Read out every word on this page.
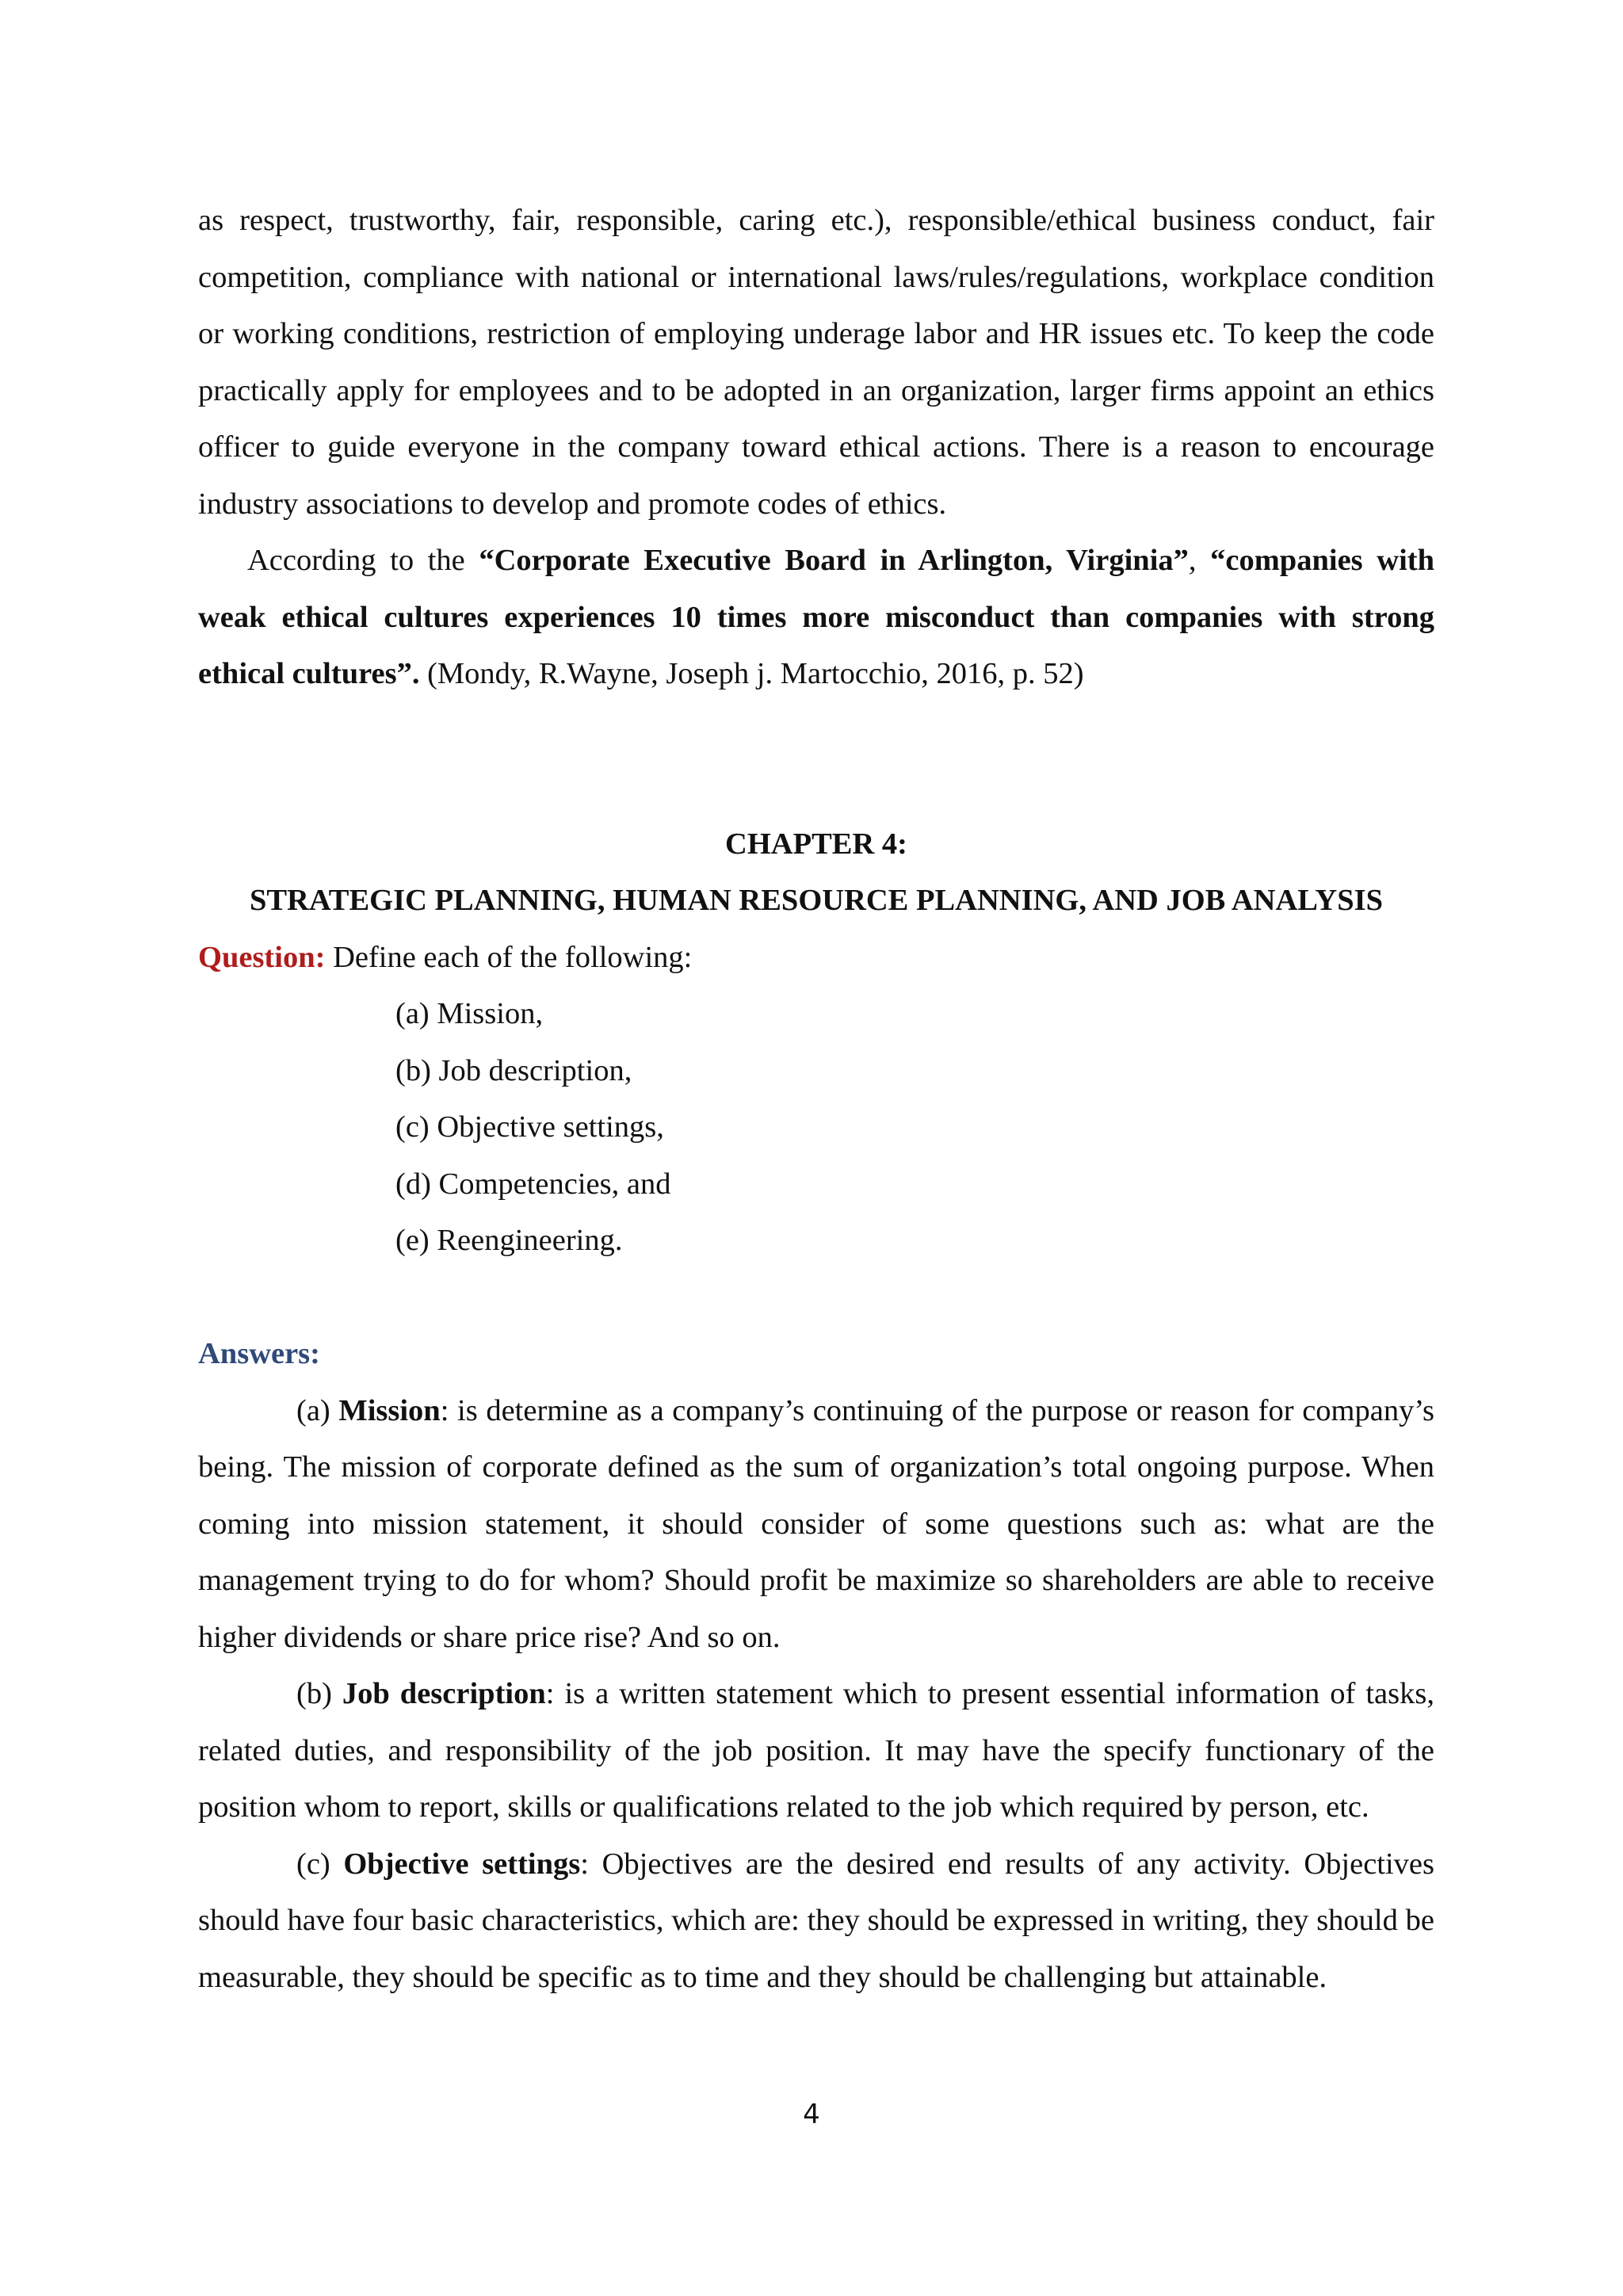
as respect, trustworthy, fair, responsible, caring etc.), responsible/ethical business conduct, fair competition, compliance with national or international laws/rules/regulations, workplace condition or working conditions, restriction of employing underage labor and HR issues etc. To keep the code practically apply for employees and to be adopted in an organization, larger firms appoint an ethics officer to guide everyone in the company toward ethical actions. There is a reason to encourage industry associations to develop and promote codes of ethics.

According to the “Corporate Executive Board in Arlington, Virginia”, “companies with weak ethical cultures experiences 10 times more misconduct than companies with strong ethical cultures”. (Mondy, R.Wayne, Joseph j. Martocchio, 2016, p. 52)

CHAPTER 4:

STRATEGIC PLANNING, HUMAN RESOURCE PLANNING, AND JOB ANALYSIS

Question: Define each of the following:

(a) Mission,
(b) Job description,
(c) Objective settings,
(d) Competencies, and
(e) Reengineering.

Answers:

(a) Mission: is determine as a company’s continuing of the purpose or reason for company’s being. The mission of corporate defined as the sum of organization’s total ongoing purpose. When coming into mission statement, it should consider of some questions such as: what are the management trying to do for whom? Should profit be maximize so shareholders are able to receive higher dividends or share price rise? And so on.

(b) Job description: is a written statement which to present essential information of tasks, related duties, and responsibility of the job position. It may have the specify functionary of the position whom to report, skills or qualifications related to the job which required by person, etc.

(c) Objective settings: Objectives are the desired end results of any activity. Objectives should have four basic characteristics, which are: they should be expressed in writing, they should be measurable, they should be specific as to time and they should be challenging but attainable.

4
